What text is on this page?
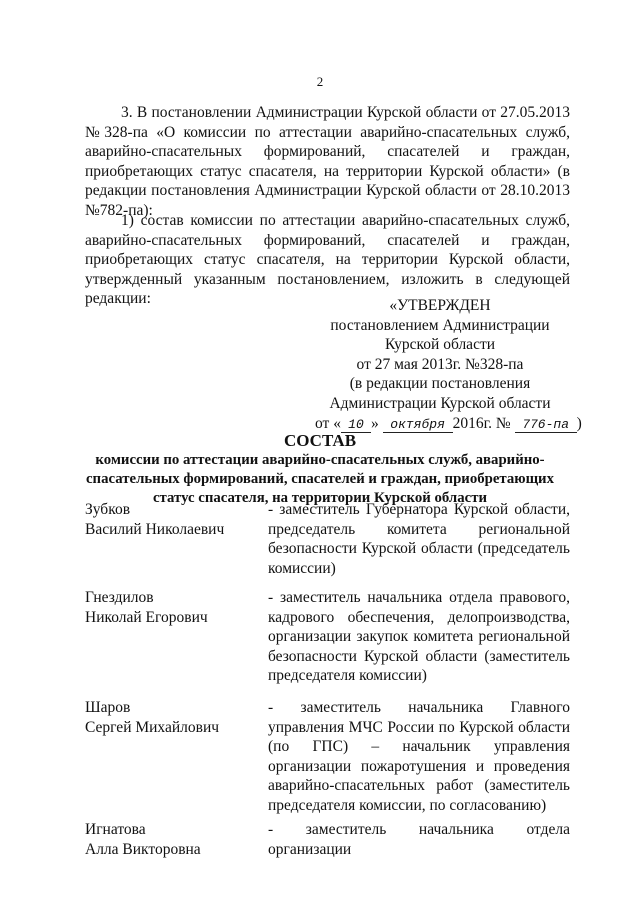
2

3. В постановлении Администрации Курской области от 27.05.2013

№328-па «О комиссии по аттестации аварийно-спасательных служб,

аварийно-спасательных формирований, спасателей и граждан,

приобретающих статус спасателя, на территории Курской области» (в

редакции постановления Администрации Курской области от 28.10.2013

№782-па):

1) состав комиссии по аттестации аварийно-спасательных служб,

аварийно-спасательных формирований, спасателей и граждан,

приобретающих статус спасателя, на территории Курской области,

утвержденный указанным постановлением, изложить в следующей

редакции:	«УТВЕРЖДЕН
постановлением Администрации
Курской области
от 27 мая 2013г. №328-па
(в редакции постановления
Администрации Курской области
от « 10 » октября 2016г. № 776-па )
СОСТАВ
комиссии по аттестации аварийно-спасательных служб, аварийно-спасательных формирований, спасателей и граждан, приобретающих статус спасателя, на территории Курской области
Зубков
Василий Николаевич

- заместитель Губернатора Курской области, председатель комитета региональной безопасности Курской области (председатель комиссии)

Гнездилов
Николай Егорович

- заместитель начальника отдела правового, кадрового обеспечения, делопроизводства, организации закупок комитета региональной безопасности Курской области (заместитель председателя комиссии)

Шаров
Сергей Михайлович

- заместитель начальника Главного управления МЧС России по Курской области (по ГПС) – начальник управления организации пожаротушения и проведения аварийно-спасательных работ (заместитель председателя комиссии, по согласованию)

Игнатова
Алла Викторовна

- заместитель начальника отдела организации
